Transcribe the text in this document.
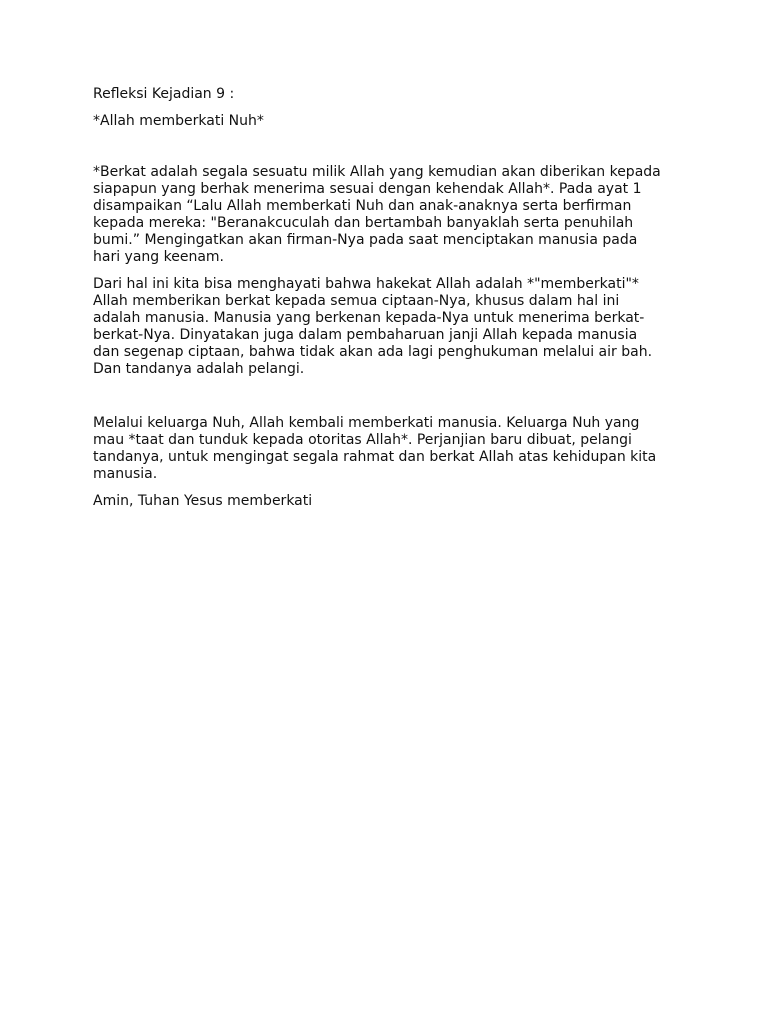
Refleksi Kejadian 9 :

*Allah memberkati Nuh*

*Berkat adalah segala sesuatu milik Allah yang kemudian akan diberikan kepada
siapapun yang berhak menerima sesuai dengan kehendak Allah*. Pada ayat 1
disampaikan “Lalu Allah memberkati Nuh dan anak-anaknya serta berfirman
kepada mereka: "Beranakcuculah dan bertambah banyaklah serta penuhilah
bumi.” Mengingatkan akan firman-Nya pada saat menciptakan manusia pada
hari yang keenam.

Dari hal ini kita bisa menghayati bahwa hakekat Allah adalah *"memberkati"*
Allah memberikan berkat kepada semua ciptaan-Nya, khusus dalam hal ini
adalah manusia. Manusia yang berkenan kepada-Nya untuk menerima berkat-
berkat-Nya. Dinyatakan juga dalam pembaharuan janji Allah kepada manusia
dan segenap ciptaan, bahwa tidak akan ada lagi penghukuman melalui air bah.
Dan tandanya adalah pelangi.

Melalui keluarga Nuh, Allah kembali memberkati manusia. Keluarga Nuh yang
mau *taat dan tunduk kepada otoritas Allah*. Perjanjian baru dibuat, pelangi
tandanya, untuk mengingat segala rahmat dan berkat Allah atas kehidupan kita
manusia.

Amin, Tuhan Yesus memberkati
